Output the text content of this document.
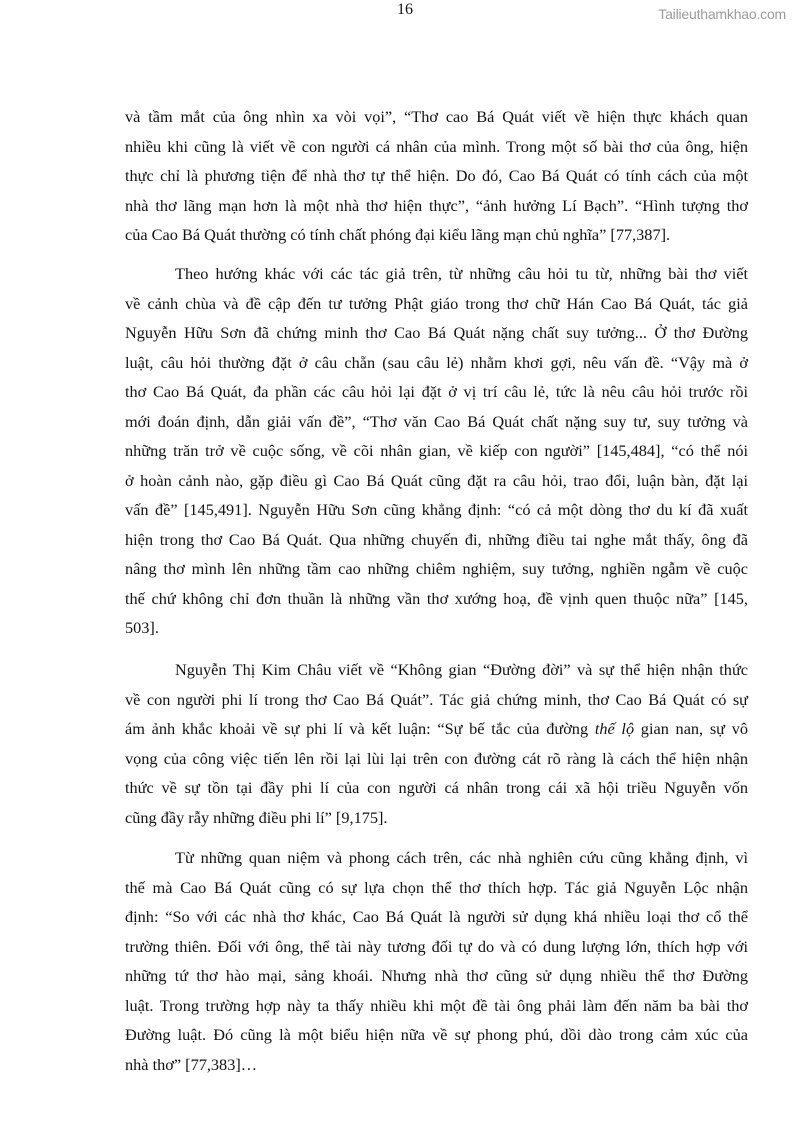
16	Tailieuthamkhao.com
và tầm mắt của ông nhìn xa vòi vọi”, “Thơ cao Bá Quát viết về hiện thực khách quan
nhiều khi cũng là viết về con người cá nhân của mình. Trong một số bài thơ của ông, hiện
thực chỉ là phương tiện để nhà thơ tự thể hiện. Do đó, Cao Bá Quát có tính cách của một
nhà thơ lãng mạn hơn là một nhà thơ hiện thực”, “ảnh hưởng Lí Bạch”. “Hình tượng thơ
của Cao Bá Quát thường có tính chất phóng đại kiểu lãng mạn chủ nghĩa” [77,387].
Theo hướng khác với các tác giả trên, từ những câu hỏi tu từ, những bài thơ viết
về cảnh chùa và đề cập đến tư tưởng Phật giáo trong thơ chữ Hán Cao Bá Quát, tác giả
Nguyễn Hữu Sơn đã chứng minh thơ Cao Bá Quát nặng chất suy tưởng... Ở thơ Đường
luật, câu hỏi thường đặt ở câu chẵn (sau câu lẻ) nhằm khơi gợi, nêu vấn đề. “Vậy mà ở
thơ Cao Bá Quát, đa phần các câu hỏi lại đặt ở vị trí câu lẻ, tức là nêu câu hỏi trước rồi
mới đoán định, dẫn giải vấn đề”, “Thơ văn Cao Bá Quát chất nặng suy tư, suy tưởng và
những trăn trở về cuộc sống, về cõi nhân gian, về kiếp con người” [145,484], “có thể nói
ở hoàn cảnh nào, gặp điều gì Cao Bá Quát cũng đặt ra câu hỏi, trao đổi, luận bàn, đặt lại
vấn đề” [145,491]. Nguyễn Hữu Sơn cũng khẳng định: “có cả một dòng thơ du kí đã xuất
hiện trong thơ Cao Bá Quát. Qua những chuyến đi, những điều tai nghe mắt thấy, ông đã
nâng thơ mình lên những tầm cao những chiêm nghiệm, suy tưởng, nghiền ngẫm về cuộc
thế chứ không chỉ đơn thuần là những vần thơ xướng hoạ, đề vịnh quen thuộc nữa” [145,
503].
Nguyễn Thị Kim Châu viết về “Không gian “Đường đời” và sự thể hiện nhận thức
về con người phi lí trong thơ Cao Bá Quát”. Tác giả chứng minh, thơ Cao Bá Quát có sự
ám ảnh khắc khoải về sự phi lí và kết luận: “Sự bế tắc của đường thế lộ gian nan, sự vô
vọng của công việc tiến lên rồi lại lùi lại trên con đường cát rõ ràng là cách thể hiện nhận
thức về sự tồn tại đầy phi lí của con người cá nhân trong cái xã hội triều Nguyễn vốn
cũng đầy rẫy những điều phi lí” [9,175].
Từ những quan niệm và phong cách trên, các nhà nghiên cứu cũng khẳng định, vì
thế mà Cao Bá Quát cũng có sự lựa chọn thể thơ thích hợp. Tác giả Nguyễn Lộc nhận
định: “So với các nhà thơ khác, Cao Bá Quát là người sử dụng khá nhiều loại thơ cổ thể
trường thiên. Đối với ông, thể tài này tương đối tự do và có dung lượng lớn, thích hợp với
những tứ thơ hào mại, sảng khoái. Nhưng nhà thơ cũng sử dụng nhiều thể thơ Đường
luật. Trong trường hợp này ta thấy nhiều khi một đề tài ông phải làm đến năm ba bài thơ
Đường luật. Đó cũng là một biểu hiện nữa về sự phong phú, dồi dào trong cảm xúc của
nhà thơ” [77,383]…
